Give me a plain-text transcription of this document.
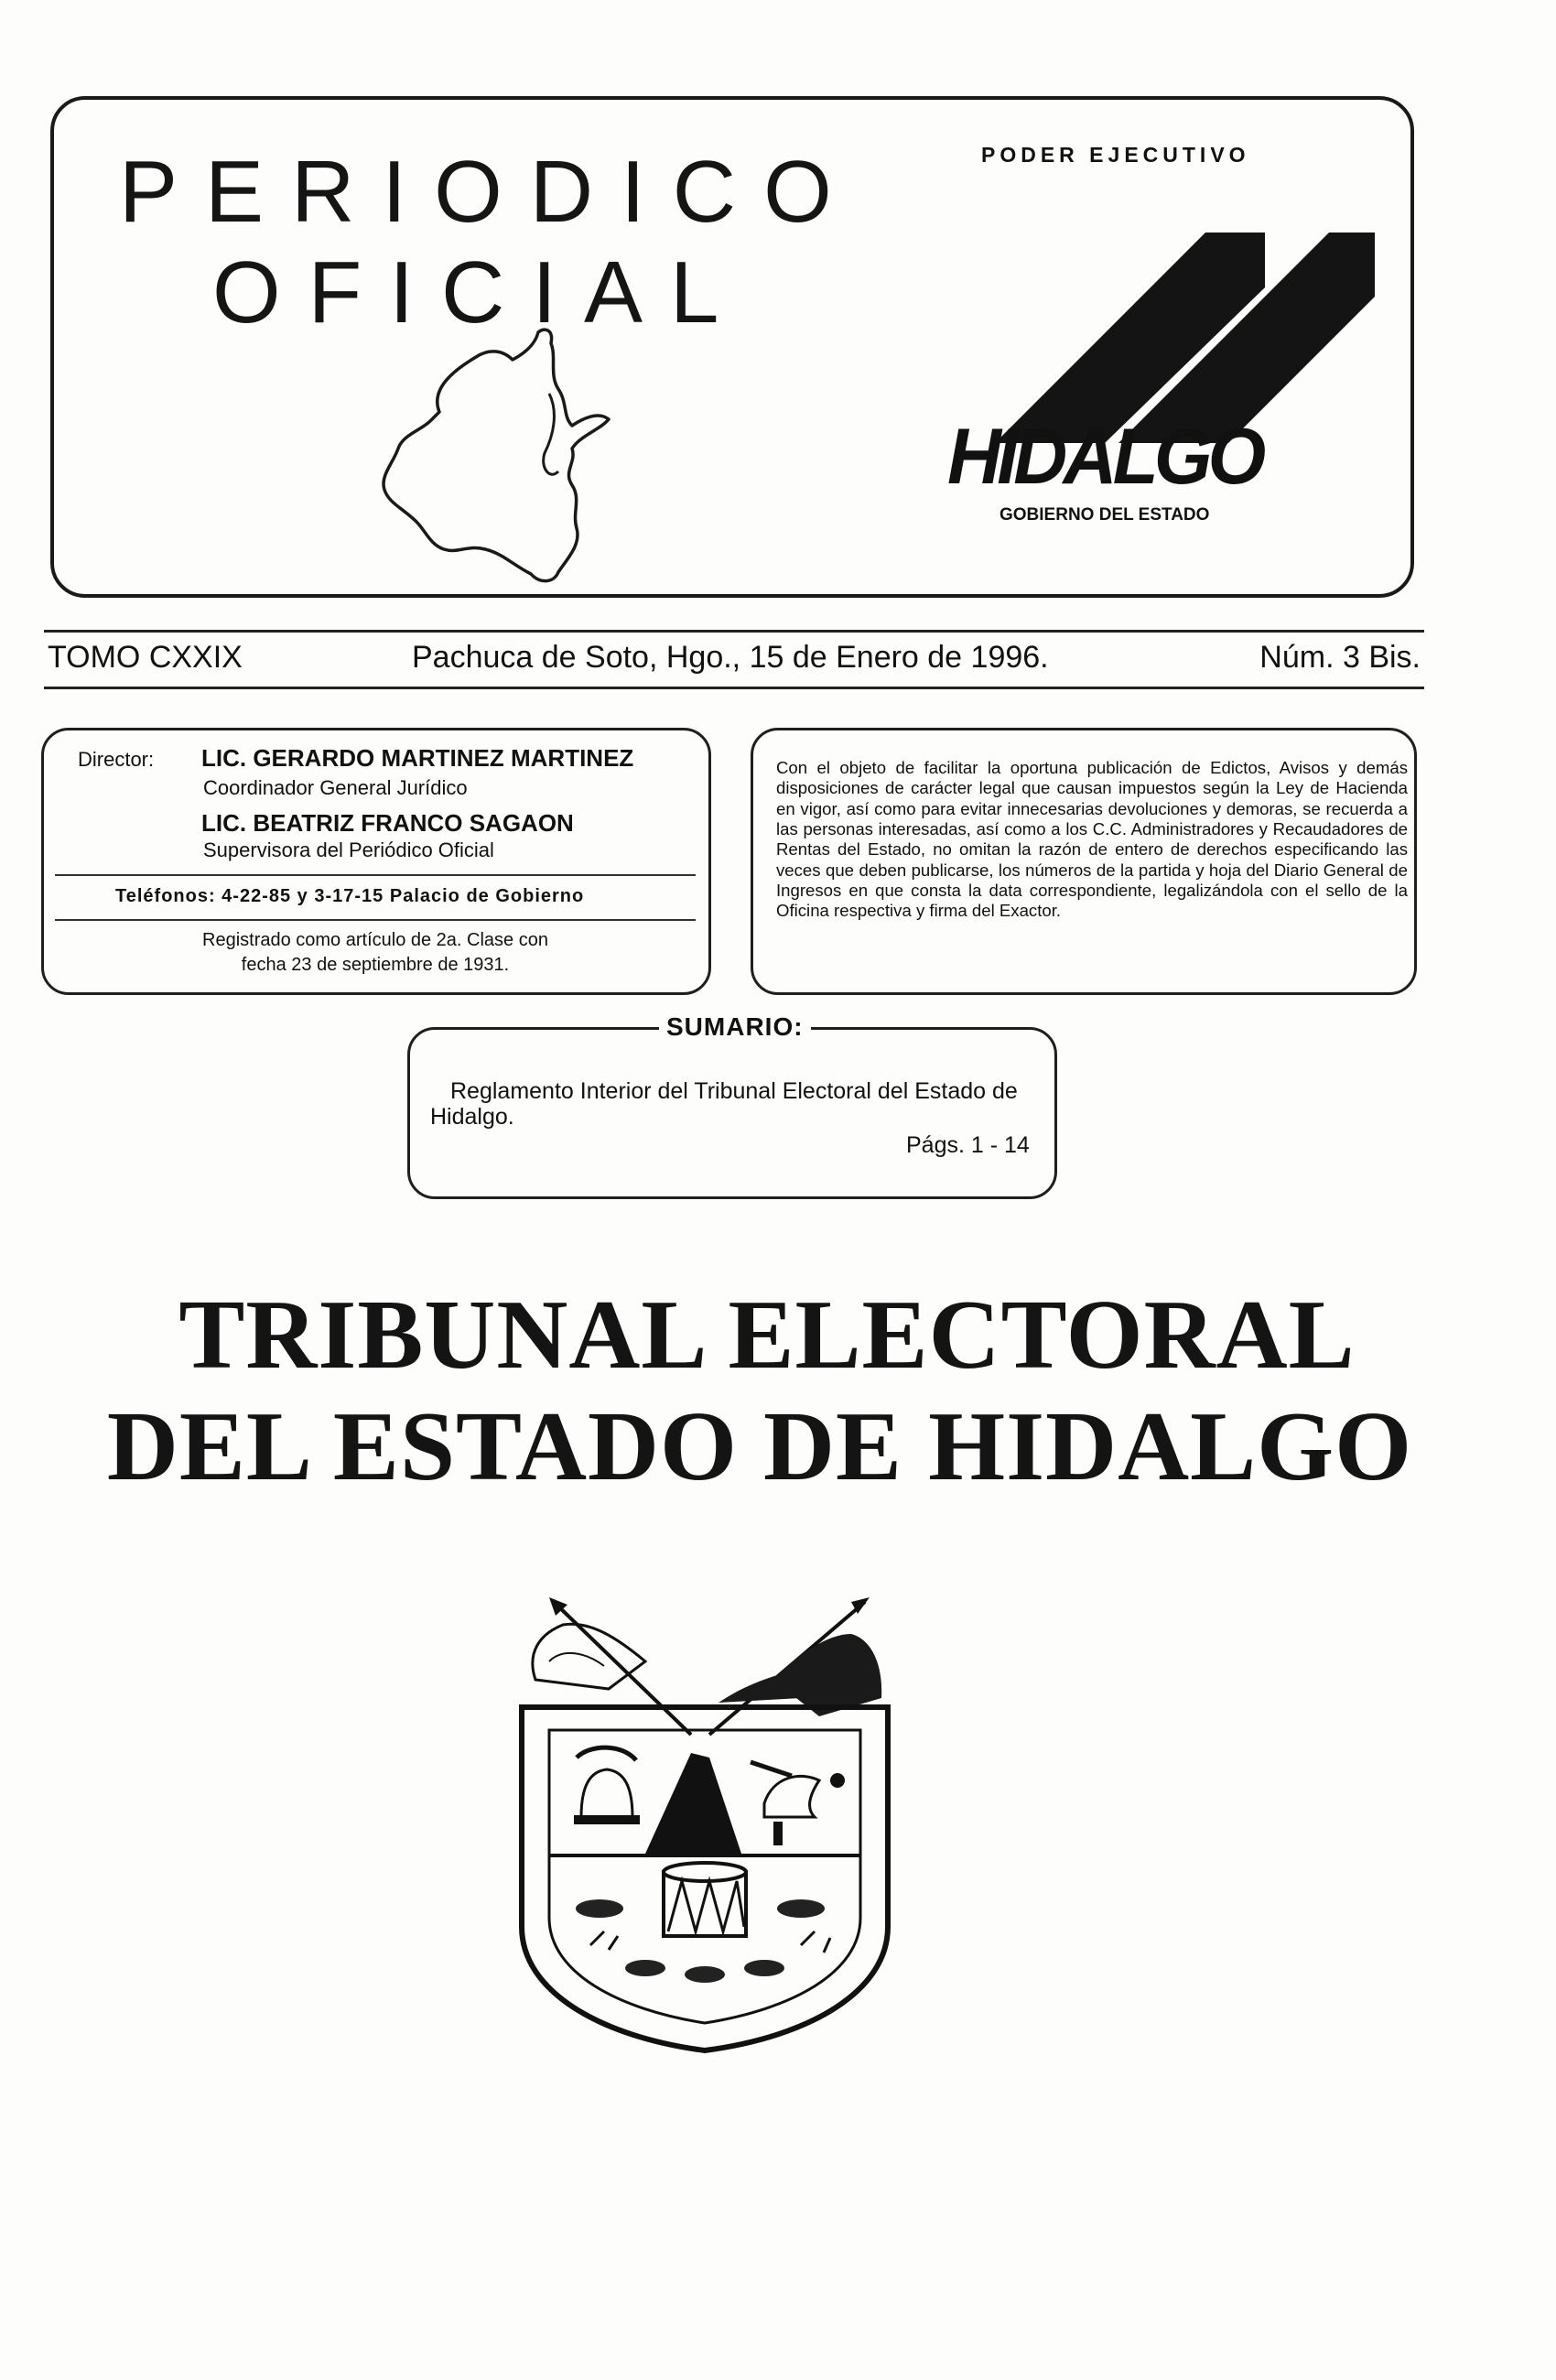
PERIODICO
OFICIAL
PODER EJECUTIVO
HIDALGO
GOBIERNO DEL ESTADO
TOMO CXXIX	Pachuca de Soto, Hgo., 15 de Enero de 1996.	Núm. 3 Bis.
Director: LIC. GERARDO MARTINEZ MARTINEZ
Coordinador General Jurídico
LIC. BEATRIZ FRANCO SAGAON
Supervisora del Periódico Oficial
Teléfonos: 4-22-85 y 3-17-15 Palacio de Gobierno
Registrado como artículo de 2a. Clase con
fecha 23 de septiembre de 1931.
Con el objeto de facilitar la oportuna publicación de Edictos, Avisos y demás disposiciones de carácter legal que causan impuestos según la Ley de Hacienda en vigor, así como para evitar innecesarias devoluciones y demoras, se recuerda a las personas interesadas, así como a los C.C. Administradores y Recaudadores de Rentas del Estado, no omitan la razón de entero de derechos especificando las veces que deben publicarse, los números de la partida y hoja del Diario General de Ingresos en que consta la data correspondiente, legalizándola con el sello de la Oficina respectiva y firma del Exactor.
SUMARIO:
Reglamento Interior del Tribunal Electoral del Estado de Hidalgo.
Págs. 1 - 14
TRIBUNAL ELECTORAL
DEL ESTADO DE HIDALGO
